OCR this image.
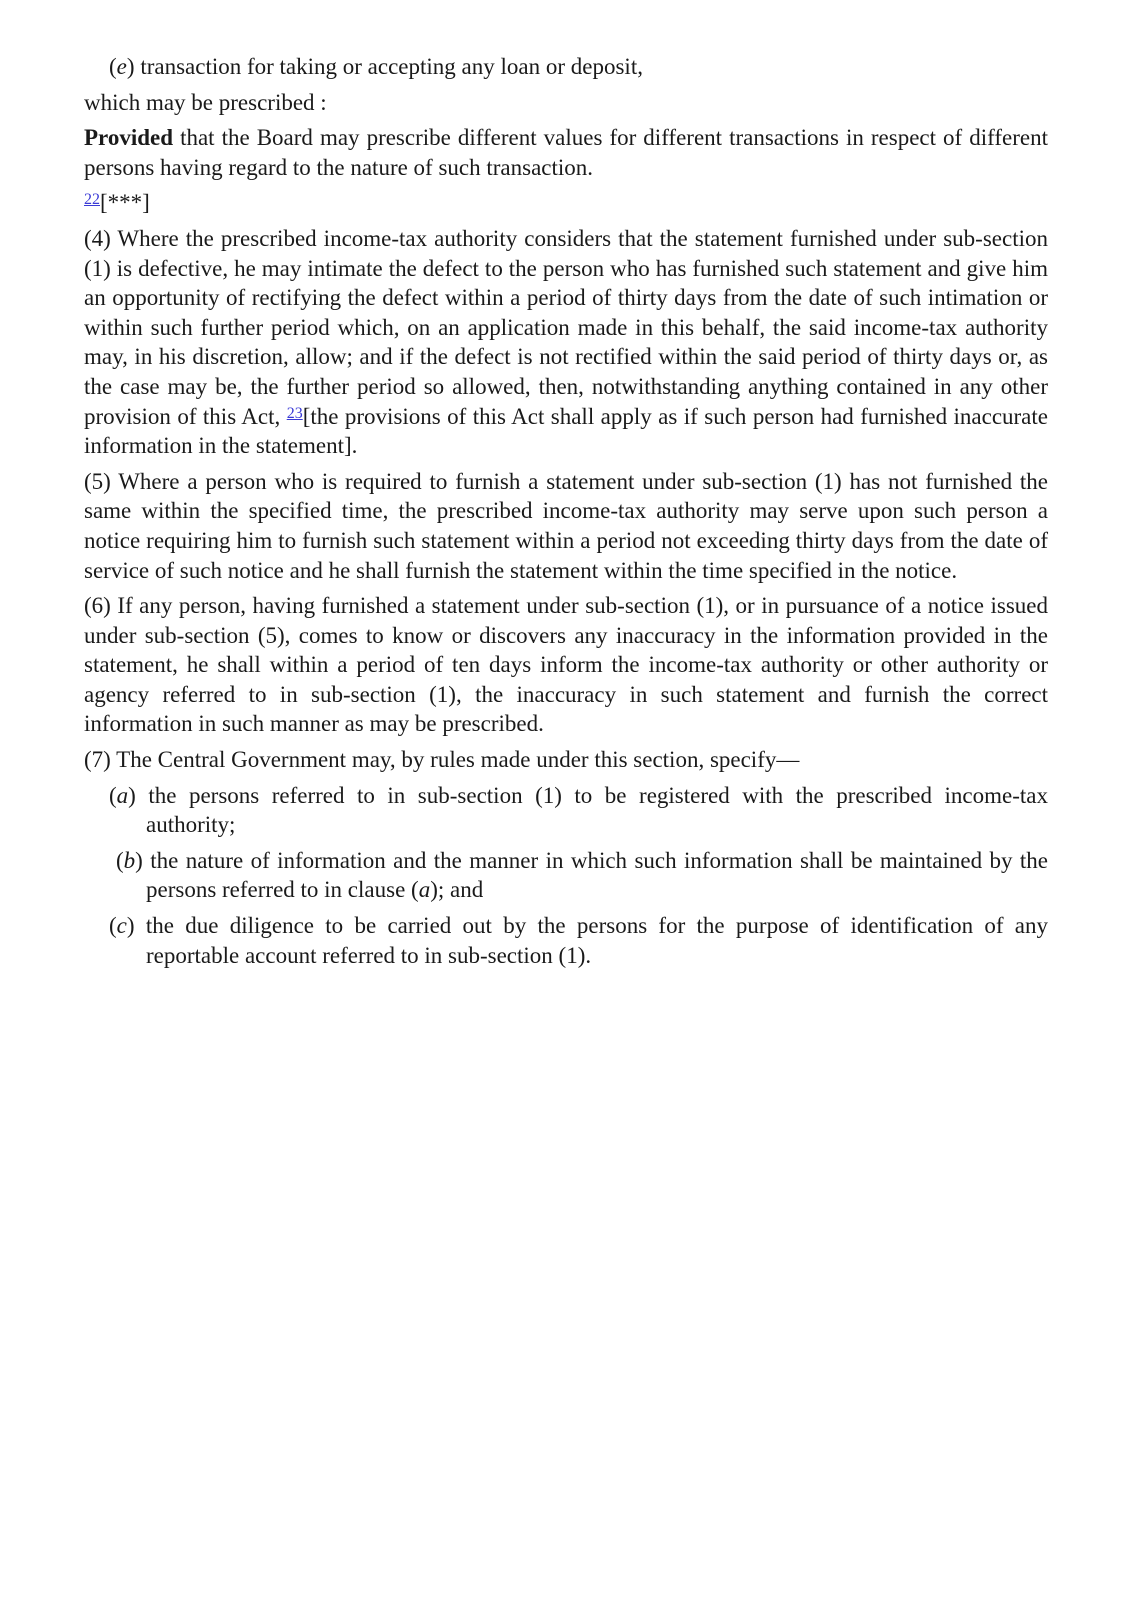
(e) transaction for taking or accepting any loan or deposit,

which may be prescribed :

Provided that the Board may prescribe different values for different transactions in respect of different persons having regard to the nature of such transaction.

$^{22}$[***]

(4) Where the prescribed income-tax authority considers that the statement furnished under sub-section (1) is defective, he may intimate the defect to the person who has furnished such statement and give him an opportunity of rectifying the defect within a period of thirty days from the date of such intimation or within such further period which, on an application made in this behalf, the said income-tax authority may, in his discretion, allow; and if the defect is not rectified within the said period of thirty days or, as the case may be, the further period so allowed, then, notwithstanding anything contained in any other provision of this Act, $^{23}$[the provisions of this Act shall apply as if such person had furnished inaccurate information in the statement].

(5) Where a person who is required to furnish a statement under sub-section (1) has not furnished the same within the specified time, the prescribed income-tax authority may serve upon such person a notice requiring him to furnish such statement within a period not exceeding thirty days from the date of service of such notice and he shall furnish the statement within the time specified in the notice.

(6) If any person, having furnished a statement under sub-section (1), or in pursuance of a notice issued under sub-section (5), comes to know or discovers any inaccuracy in the information provided in the statement, he shall within a period of ten days inform the income-tax authority or other authority or agency referred to in sub-section (1), the inaccuracy in such statement and furnish the correct information in such manner as may be prescribed.

(7) The Central Government may, by rules made under this section, specify—

(a) the persons referred to in sub-section (1) to be registered with the prescribed income-tax authority;

(b) the nature of information and the manner in which such information shall be maintained by the persons referred to in clause (a); and

(c) the due diligence to be carried out by the persons for the purpose of identification of any reportable account referred to in sub-section (1).
